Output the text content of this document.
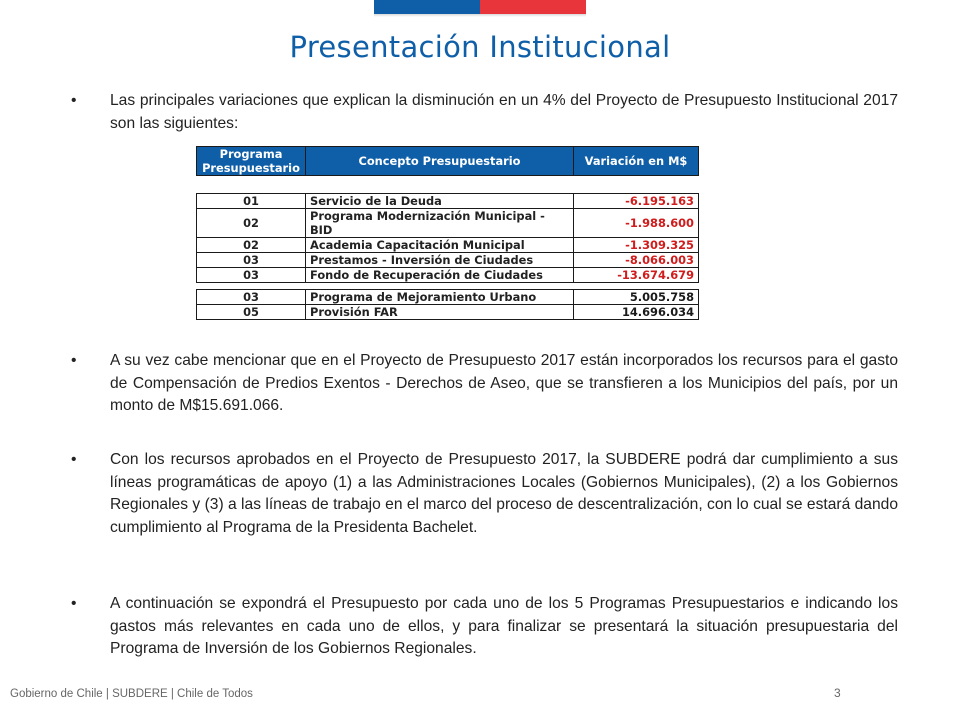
Presentación Institucional
• Las principales variaciones que explican la disminución en un 4% del Proyecto de Presupuesto Institucional 2017 son las siguientes:
Programa Presupuestario	Concepto Presupuestario	Variación en M$
01	Servicio de la Deuda	-6.195.163
02	Programa Modernización Municipal - BID	-1.988.600
02	Academia Capacitación Municipal	-1.309.325
03	Prestamos - Inversión de Ciudades	-8.066.003
03	Fondo de Recuperación de Ciudades	-13.674.679
03	Programa de Mejoramiento Urbano	5.005.758
05	Provisión FAR	14.696.034
• A su vez cabe mencionar que en el Proyecto de Presupuesto 2017 están incorporados los recursos para el gasto de Compensación de Predios Exentos - Derechos de Aseo, que se transfieren a los Municipios del país, por un monto de M$15.691.066.
• Con los recursos aprobados en el Proyecto de Presupuesto 2017, la SUBDERE podrá dar cumplimiento a sus líneas programáticas de apoyo (1) a las Administraciones Locales (Gobiernos Municipales), (2) a los Gobiernos Regionales y (3) a las líneas de trabajo en el marco del proceso de descentralización, con lo cual se estará dando cumplimiento al Programa de la Presidenta Bachelet.
• A continuación se expondrá el Presupuesto por cada uno de los 5 Programas Presupuestarios e indicando los gastos más relevantes en cada uno de ellos, y para finalizar se presentará la situación presupuestaria del Programa de Inversión de los Gobiernos Regionales.
Gobierno de Chile | SUBDERE | Chile de Todos	3
